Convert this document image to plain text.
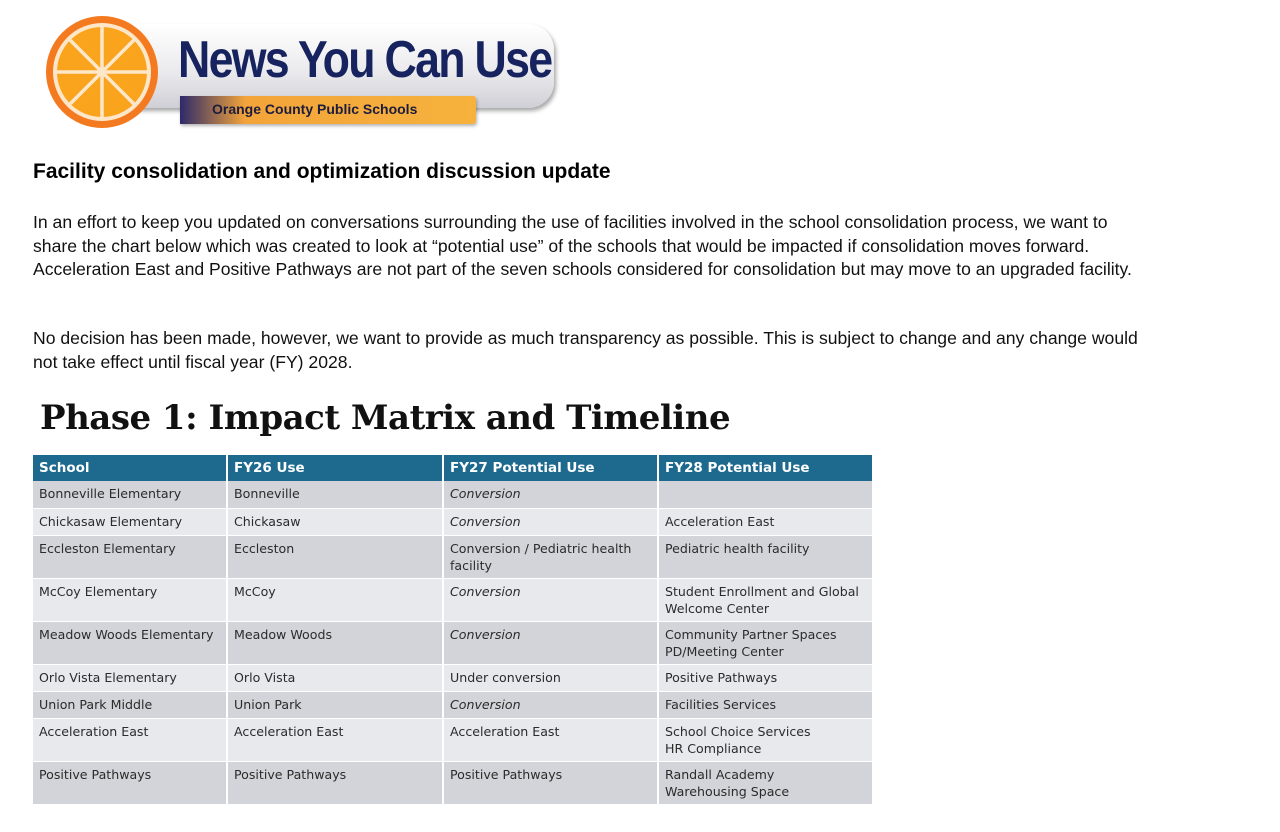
News You Can Use
Orange County Public Schools
Facility consolidation and optimization discussion update

In an effort to keep you updated on conversations surrounding the use of facilities involved in the school consolidation process, we want to share the chart below which was created to look at “potential use” of the schools that would be impacted if consolidation moves forward. Acceleration East and Positive Pathways are not part of the seven schools considered for consolidation but may move to an upgraded facility.

No decision has been made, however, we want to provide as much transparency as possible. This is subject to change and any change would not take effect until fiscal year (FY) 2028.

Phase 1: Impact Matrix and Timeline
School	FY26 Use	FY27 Potential Use	FY28 Potential Use
Bonneville Elementary	Bonneville	Conversion	
Chickasaw Elementary	Chickasaw	Conversion	Acceleration East
Eccleston Elementary	Eccleston	Conversion / Pediatric health facility	Pediatric health facility
McCoy Elementary	McCoy	Conversion	Student Enrollment and Global Welcome Center
Meadow Woods Elementary	Meadow Woods	Conversion	Community Partner Spaces
PD/Meeting Center
Orlo Vista Elementary	Orlo Vista	Under conversion	Positive Pathways
Union Park Middle	Union Park	Conversion	Facilities Services
Acceleration East	Acceleration East	Acceleration East	School Choice Services
HR Compliance
Positive Pathways	Positive Pathways	Positive Pathways	Randall Academy
Warehousing Space
